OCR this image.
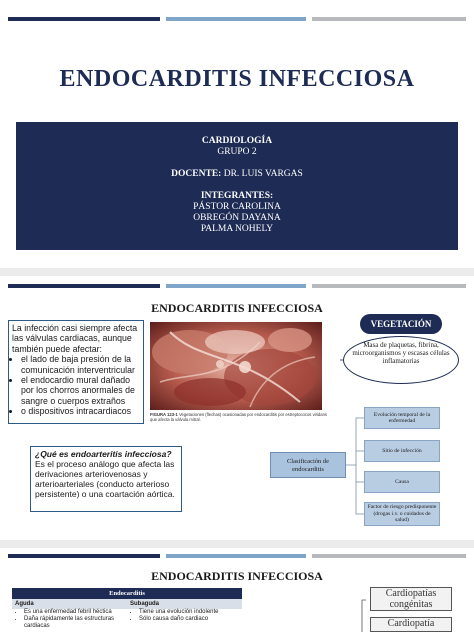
ENDOCARDITIS INFECCIOSA
CARDIOLOGÍA
GRUPO 2
DOCENTE: DR. LUIS VARGAS
INTEGRANTES:
PÁSTOR CAROLINA
OBREGÓN DAYANA
PALMA NOHELY
ENDOCARDITIS INFECCIOSA
La infección casi siempre afecta las válvulas cardiacas, aunque también puede afectar:
• el lado de baja presión de la comunicación interventricular
• el endocardio mural dañado por los chorros anormales de sangre o cuerpos extraños
• o dispositivos intracardiacos	FIGURA 123-1 Vegetaciones (flechas) ocasionadas por endocarditis por estreptococos viridans que afecta la válvula mitral.
VEGETACIÓN
Masa de plaquetas, fibrina, microorganismos y escasas células inflamatorias
¿Qué es endoarteritis infecciosa?
Es el proceso análogo que afecta las derivaciones arteriovenosas y arterioarteriales (conducto arterioso persistente) o una coartación aórtica.
Clasificación de endocarditis
Evolución temporal de la enfermedad
Sitio de infección
Causa
Factor de riesgo predisponente (drogas i.v. o cuidados de salud)
ENDOCARDITIS INFECCIOSA
Endocarditis
Aguda	Subaguda
• Es una enfermedad febril héctica
• Daña rápidamente las estructuras cardiacas
• Tiene una evolución indolente
• Sólo causa daño cardiaco
Cardiopatías congénitas
Cardiopatía
